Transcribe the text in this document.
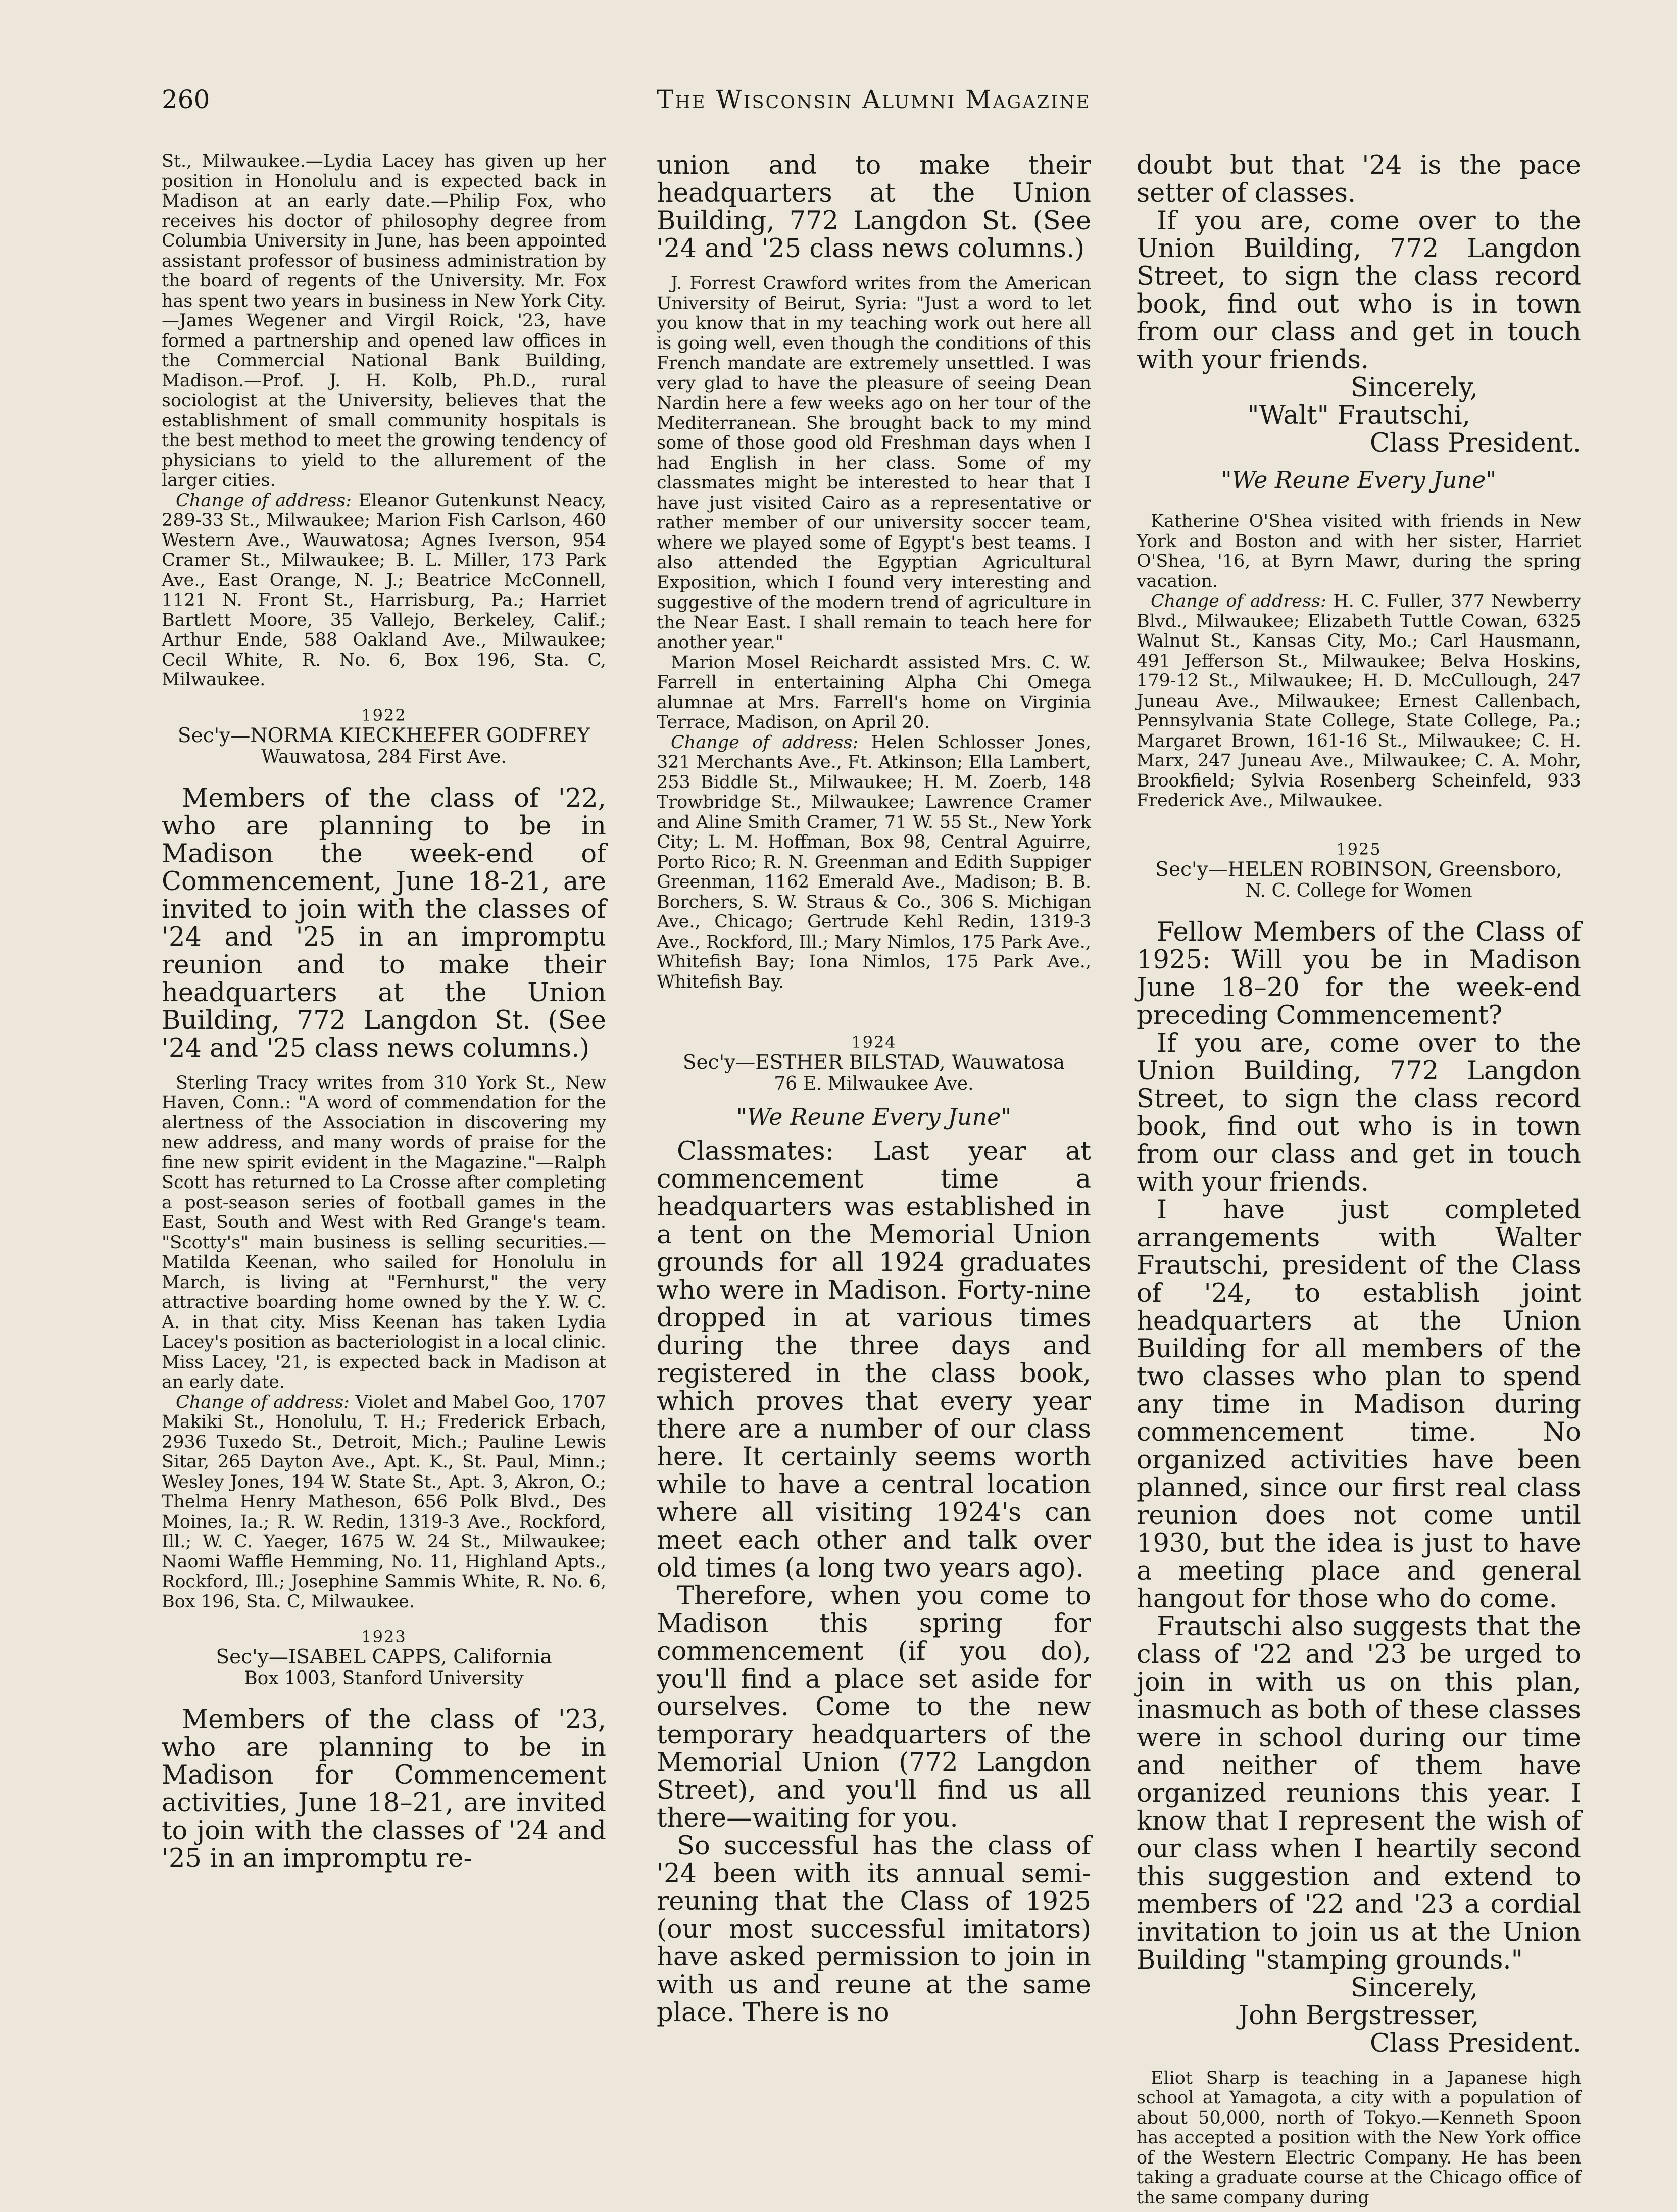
260	The Wisconsin Alumni Magazine

St., Milwaukee.—Lydia Lacey has given up her position in Honolulu and is expected back in Madison at an early date.—Philip Fox, who receives his doctor of philosophy degree from Columbia University in June, has been appointed assistant professor of business administration by the board of regents of the University. Mr. Fox has spent two years in business in New York City.—James Wegener and Virgil Roick, '23, have formed a partnership and opened law offices in the Commercial National Bank Building, Madison.—Prof. J. H. Kolb, Ph.D., rural sociologist at the University, believes that the establishment of small community hospitals is the best method to meet the growing tendency of physicians to yield to the allurement of the larger cities.

Change of address: Eleanor Gutenkunst Neacy, 289-33 St., Milwaukee; Marion Fish Carlson, 460 Western Ave., Wauwatosa; Agnes Iverson, 954 Cramer St., Milwaukee; B. L. Miller, 173 Park Ave., East Orange, N. J.; Beatrice McConnell, 1121 N. Front St., Harrisburg, Pa.; Harriet Bartlett Moore, 35 Vallejo, Berkeley, Calif.; Arthur Ende, 588 Oakland Ave., Milwaukee; Cecil White, R. No. 6, Box 196, Sta. C, Milwaukee.

1922

Sec'y—NORMA KIECKHEFER GODFREY

Wauwatosa, 284 First Ave.

Members of the class of '22, who are planning to be in Madison the week-end of Commencement, June 18-21, are invited to join with the classes of '24 and '25 in an impromptu reunion and to make their headquarters at the Union Building, 772 Langdon St. (See '24 and '25 class news columns.)

Sterling Tracy writes from 310 York St., New Haven, Conn.: "A word of commendation for the alertness of the Association in discovering my new address, and many words of praise for the fine new spirit evident in the Magazine."—Ralph Scott has returned to La Crosse after completing a post-season series of football games in the East, South and West with Red Grange's team. "Scotty's" main business is selling securities.—Matilda Keenan, who sailed for Honolulu in March, is living at "Fernhurst," the very attractive boarding home owned by the Y. W. C. A. in that city. Miss Keenan has taken Lydia Lacey's position as bacteriologist in a local clinic. Miss Lacey, '21, is expected back in Madison at an early date.

Change of address: Violet and Mabel Goo, 1707 Makiki St., Honolulu, T. H.; Frederick Erbach, 2936 Tuxedo St., Detroit, Mich.; Pauline Lewis Sitar, 265 Dayton Ave., Apt. K., St. Paul, Minn.; Wesley Jones, 194 W. State St., Apt. 3, Akron, O.; Thelma Henry Matheson, 656 Polk Blvd., Des Moines, Ia.; R. W. Redin, 1319-3 Ave., Rockford, Ill.; W. C. Yaeger, 1675 W. 24 St., Milwaukee; Naomi Waffle Hemming, No. 11, Highland Apts., Rockford, Ill.; Josephine Sammis White, R. No. 6, Box 196, Sta. C, Milwaukee.

1923

Sec'y—ISABEL CAPPS, California

Box 1003, Stanford University

Members of the class of '23, who are planning to be in Madison for Commencement activities, June 18–21, are invited to join with the classes of '24 and '25 in an impromptu re-

union and to make their headquarters at the Union Building, 772 Langdon St. (See '24 and '25 class news columns.)

J. Forrest Crawford writes from the American University of Beirut, Syria: "Just a word to let you know that in my teaching work out here all is going well, even though the conditions of this French mandate are extremely unsettled. I was very glad to have the pleasure of seeing Dean Nardin here a few weeks ago on her tour of the Mediterranean. She brought back to my mind some of those good old Freshman days when I had English in her class. Some of my classmates might be interested to hear that I have just visited Cairo as a representative or rather member of our university soccer team, where we played some of Egypt's best teams. I also attended the Egyptian Agricultural Exposition, which I found very interesting and suggestive of the modern trend of agriculture in the Near East. I shall remain to teach here for another year."

Marion Mosel Reichardt assisted Mrs. C. W. Farrell in entertaining Alpha Chi Omega alumnae at Mrs. Farrell's home on Virginia Terrace, Madison, on April 20.

Change of address: Helen Schlosser Jones, 321 Merchants Ave., Ft. Atkinson; Ella Lambert, 253 Biddle St., Milwaukee; H. M. Zoerb, 148 Trowbridge St., Milwaukee; Lawrence Cramer and Aline Smith Cramer, 71 W. 55 St., New York City; L. M. Hoffman, Box 98, Central Aguirre, Porto Rico; R. N. Greenman and Edith Suppiger Greenman, 1162 Emerald Ave., Madison; B. B. Borchers, S. W. Straus & Co., 306 S. Michigan Ave., Chicago; Gertrude Kehl Redin, 1319-3 Ave., Rockford, Ill.; Mary Nimlos, 175 Park Ave., Whitefish Bay; Iona Nimlos, 175 Park Ave., Whitefish Bay.

1924

Sec'y—ESTHER BILSTAD, Wauwatosa

76 E. Milwaukee Ave.

"We Reune Every June"

Classmates: Last year at commencement time a headquarters was established in a tent on the Memorial Union grounds for all 1924 graduates who were in Madison. Forty-nine dropped in at various times during the three days and registered in the class book, which proves that every year there are a number of our class here. It certainly seems worth while to have a central location where all visiting 1924's can meet each other and talk over old times (a long two years ago).

Therefore, when you come to Madison this spring for commencement (if you do), you'll find a place set aside for ourselves. Come to the new temporary headquarters of the Memorial Union (772 Langdon Street), and you'll find us all there—waiting for you.

So successful has the class of '24 been with its annual semi-reuning that the Class of 1925 (our most successful imitators) have asked permission to join in with us and reune at the same place. There is no

doubt but that '24 is the pace setter of classes.

If you are, come over to the Union Building, 772 Langdon Street, to sign the class record book, find out who is in town from our class and get in touch with your friends.

Sincerely,

"Walt" Frautschi,

Class President.

"We Reune Every June"

Katherine O'Shea visited with friends in New York and Boston and with her sister, Harriet O'Shea, '16, at Byrn Mawr, during the spring vacation.

Change of address: H. C. Fuller, 377 Newberry Blvd., Milwaukee; Elizabeth Tuttle Cowan, 6325 Walnut St., Kansas City, Mo.; Carl Hausmann, 491 Jefferson St., Milwaukee; Belva Hoskins, 179-12 St., Milwaukee; H. D. McCullough, 247 Juneau Ave., Milwaukee; Ernest Callenbach, Pennsylvania State College, State College, Pa.; Margaret Brown, 161-16 St., Milwaukee; C. H. Marx, 247 Juneau Ave., Milwaukee; C. A. Mohr, Brookfield; Sylvia Rosenberg Scheinfeld, 933 Frederick Ave., Milwaukee.

1925

Sec'y—HELEN ROBINSON, Greensboro,

N. C. College for Women

Fellow Members of the Class of 1925: Will you be in Madison June 18–20 for the week-end preceding Commencement?

If you are, come over to the Union Building, 772 Langdon Street, to sign the class record book, find out who is in town from our class and get in touch with your friends.

I have just completed arrangements with Walter Frautschi, president of the Class of '24, to establish joint headquarters at the Union Building for all members of the two classes who plan to spend any time in Madison during commencement time. No organized activities have been planned, since our first real class reunion does not come until 1930, but the idea is just to have a meeting place and general hangout for those who do come.

Frautschi also suggests that the class of '22 and '23 be urged to join in with us on this plan, inasmuch as both of these classes were in school during our time and neither of them have organized reunions this year. I know that I represent the wish of our class when I heartily second this suggestion and extend to members of '22 and '23 a cordial invitation to join us at the Union Building "stamping grounds."

Sincerely,

John Bergstresser,

Class President.

Eliot Sharp is teaching in a Japanese high school at Yamagota, a city with a population of about 50,000, north of Tokyo.—Kenneth Spoon has accepted a position with the New York office of the Western Electric Company. He has been taking a graduate course at the Chicago office of the same company during
